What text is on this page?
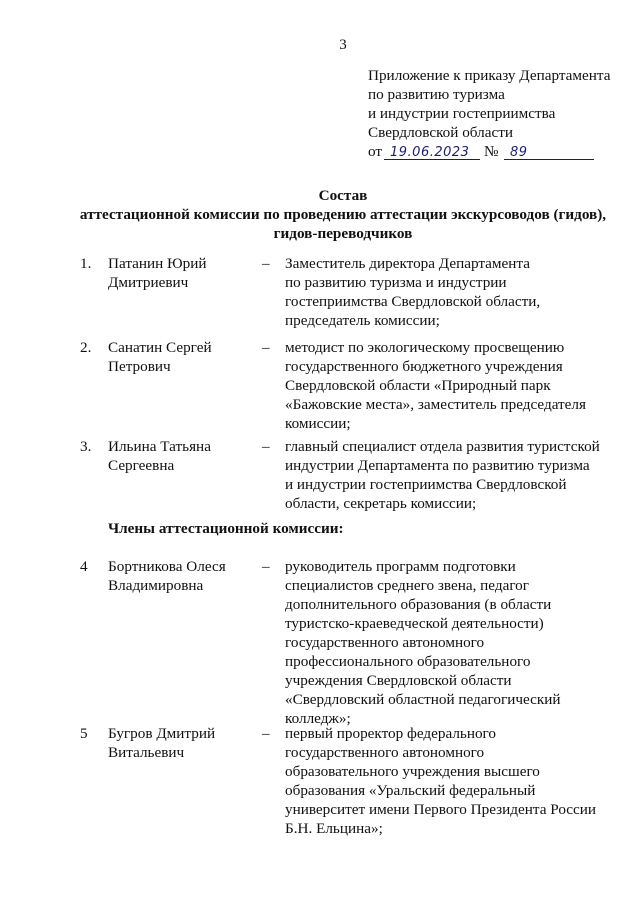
3
Приложение к приказу Департамента
по развитию туризма
и индустрии гостеприимства
Свердловской области
от 19.06.2023 № 89
Состав
аттестационной комиссии по проведению аттестации экскурсоводов (гидов),
гидов-переводчиков
1. Патанин Юрий
Дмитриевич
– Заместитель директора Департамента
по развитию туризма и индустрии
гостеприимства Свердловской области,
председатель комиссии;
2. Санатин Сергей
Петрович
– методист по экологическому просвещению
государственного бюджетного учреждения
Свердловской области «Природный парк
«Бажовские места», заместитель председателя
комиссии;
3. Ильина Татьяна
Сергеевна
– главный специалист отдела развития туристской
индустрии Департамента по развитию туризма
и индустрии гостеприимства Свердловской
области, секретарь комиссии;
Члены аттестационной комиссии:
4 Бортникова Олеся
Владимировна
– руководитель программ подготовки
специалистов среднего звена, педагог
дополнительного образования (в области
туристско-краеведческой деятельности)
государственного автономного
профессионального образовательного
учреждения Свердловской области
«Свердловский областной педагогический
колледж»;
5 Бугров Дмитрий
Витальевич
– первый проректор федерального
государственного автономного
образовательного учреждения высшего
образования «Уральский федеральный
университет имени Первого Президента России
Б.Н. Ельцина»;
